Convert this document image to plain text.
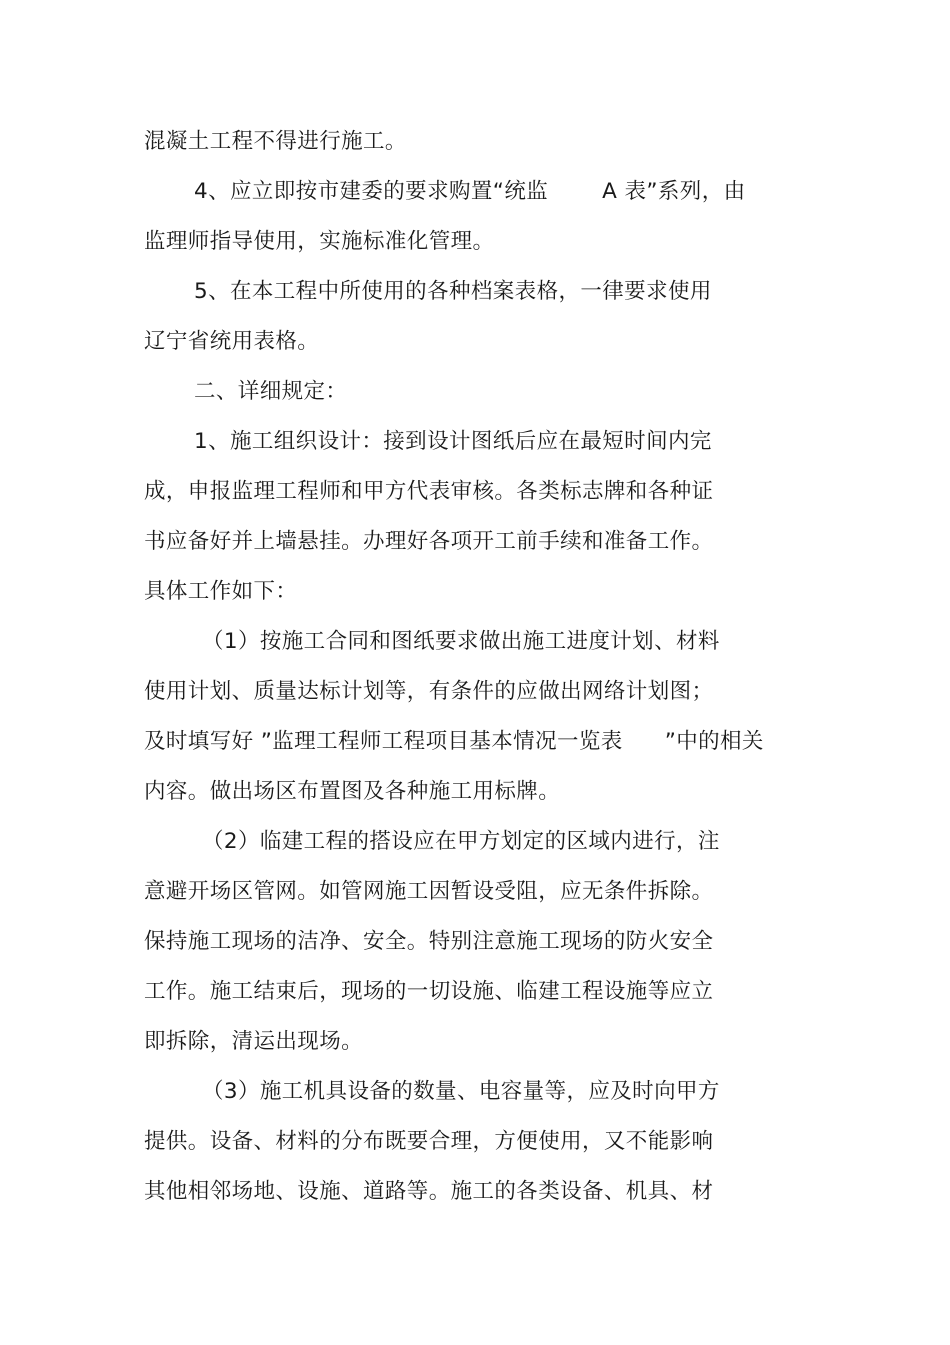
混凝土工程不得进行施工。
4、应立即按市建委的要求购置“统监	A 表”系列，由
监理师指导使用，实施标准化管理。
5、在本工程中所使用的各种档案表格，一律要求使用
辽宁省统用表格。
二、详细规定：
1、施工组织设计：接到设计图纸后应在最短时间内完
成，申报监理工程师和甲方代表审核。各类标志牌和各种证
书应备好并上墙悬挂。办理好各项开工前手续和准备工作。
具体工作如下：
（1）按施工合同和图纸要求做出施工进度计划、材料
使用计划、质量达标计划等，有条件的应做出网络计划图；
及时填写好 ”监理工程师工程项目基本情况一览表 ”中的相关
内容。做出场区布置图及各种施工用标牌。
（2）临建工程的搭设应在甲方划定的区域内进行，注
意避开场区管网。如管网施工因暂设受阻，应无条件拆除。
保持施工现场的洁净、安全。特别注意施工现场的防火安全
工作。施工结束后，现场的一切设施、临建工程设施等应立
即拆除，清运出现场。
（3）施工机具设备的数量、电容量等，应及时向甲方
提供。设备、材料的分布既要合理，方便使用，又不能影响
其他相邻场地、设施、道路等。施工的各类设备、机具、材
